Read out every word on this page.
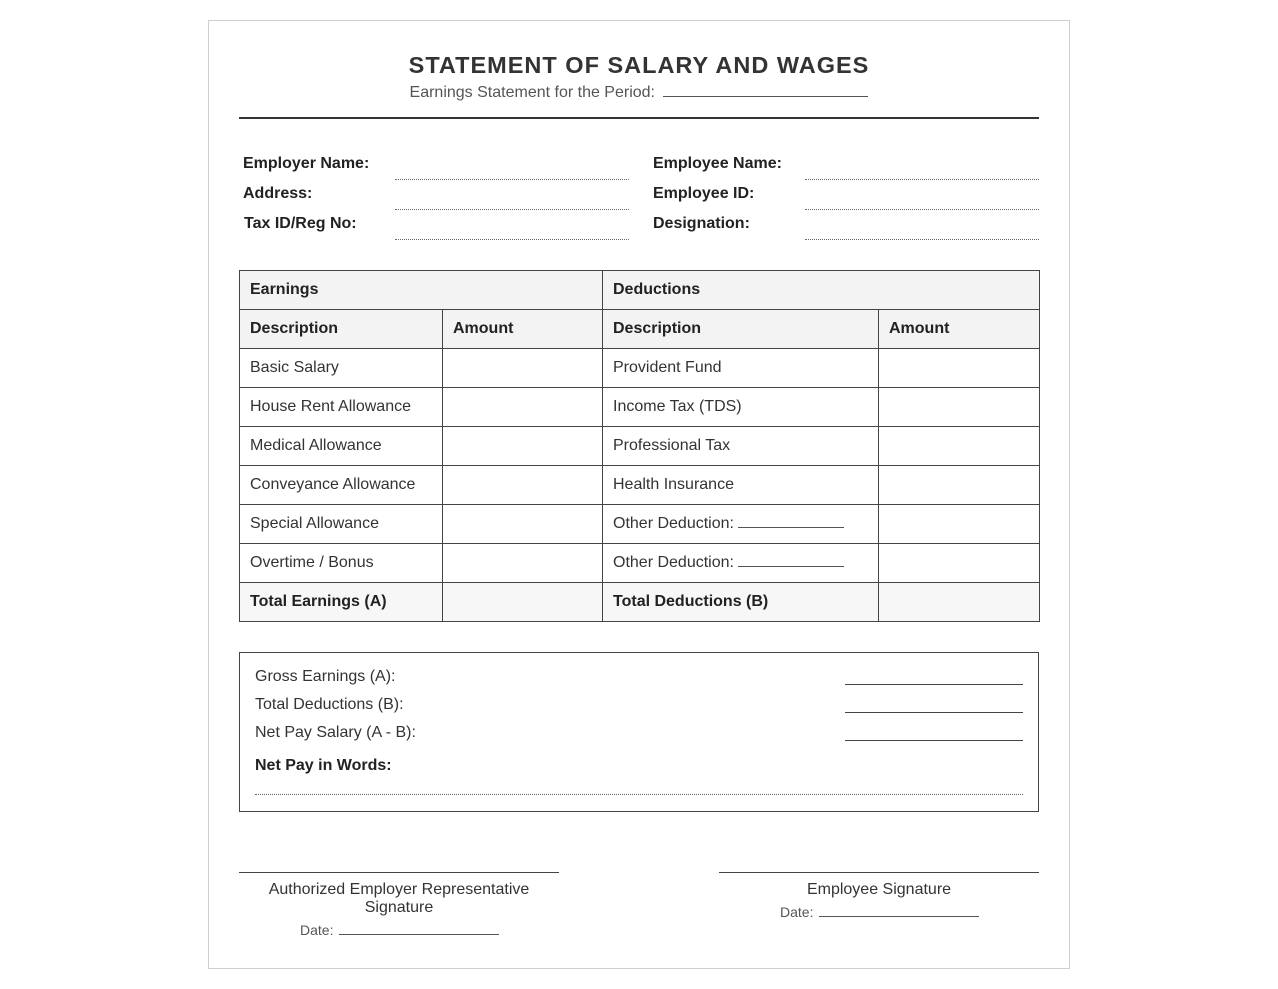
STATEMENT OF SALARY AND WAGES
Earnings Statement for the Period:
Employer Name:
Address:
Tax ID/Reg No:
Employee Name:
Employee ID:
Designation:
Earnings		Deductions	
Description	Amount	Description	Amount
Basic Salary		Provident Fund	
House Rent Allowance		Income Tax (TDS)	
Medical Allowance		Professional Tax	
Conveyance Allowance		Health Insurance	
Special Allowance		Other Deduction:	
Overtime / Bonus		Other Deduction:	
Total Earnings (A)		Total Deductions (B)	
Gross Earnings (A):
Total Deductions (B):
Net Pay Salary (A - B):
Net Pay in Words:
Authorized Employer Representative
Signature
Date:
Employee Signature
Date:
